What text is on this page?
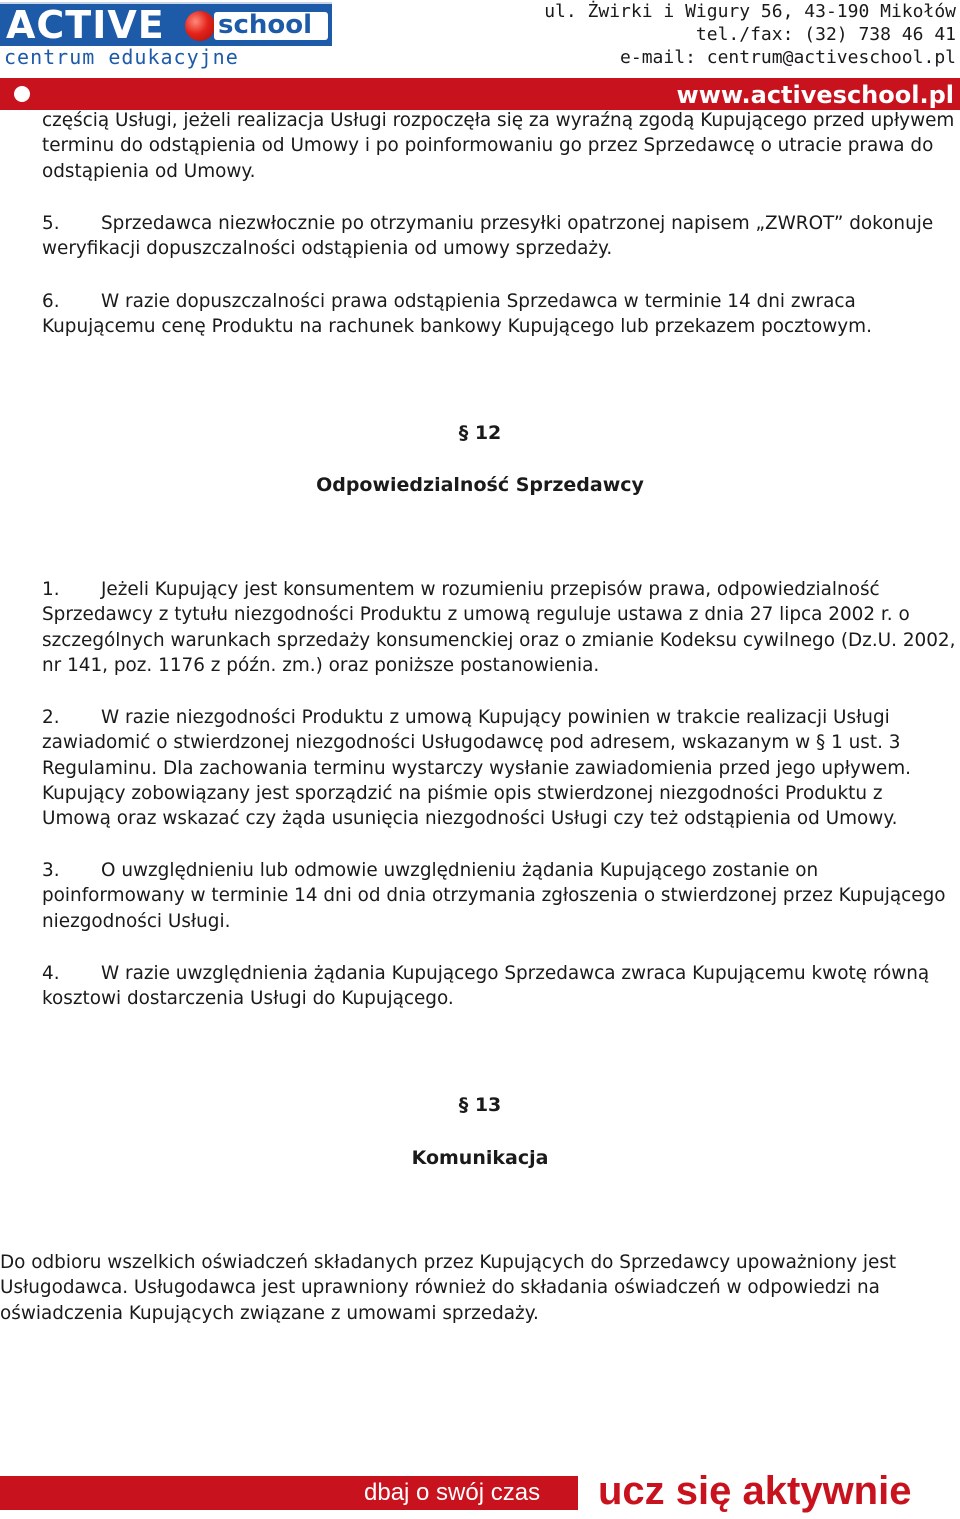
ACTIVE school
centrum edukacyjne
ul. Żwirki i Wigury 56, 43-190 Mikołów
tel./fax: (32) 738 46 41
e-mail: centrum@activeschool.pl
www.activeschool.pl

częścią Usługi, jeżeli realizacja Usługi rozpoczęła się za wyraźną zgodą Kupującego przed upływem terminu do odstąpienia od Umowy i po poinformowaniu go przez Sprzedawcę o utracie prawa do odstąpienia od Umowy.

5. Sprzedawca niezwłocznie po otrzymaniu przesyłki opatrzonej napisem „ZWROT” dokonuje weryfikacji dopuszczalności odstąpienia od umowy sprzedaży.

6. W razie dopuszczalności prawa odstąpienia Sprzedawca w terminie 14 dni zwraca Kupującemu cenę Produktu na rachunek bankowy Kupującego lub przekazem pocztowym.

§ 12
Odpowiedzialność Sprzedawcy

1. Jeżeli Kupujący jest konsumentem w rozumieniu przepisów prawa, odpowiedzialność Sprzedawcy z tytułu niezgodności Produktu z umową reguluje ustawa z dnia 27 lipca 2002 r. o szczególnych warunkach sprzedaży konsumenckiej oraz o zmianie Kodeksu cywilnego (Dz.U. 2002, nr 141, poz. 1176 z późn. zm.) oraz poniższe postanowienia.

2. W razie niezgodności Produktu z umową Kupujący powinien w trakcie realizacji Usługi zawiadomić o stwierdzonej niezgodności Usługodawcę pod adresem, wskazanym w § 1 ust. 3 Regulaminu. Dla zachowania terminu wystarczy wysłanie zawiadomienia przed jego upływem. Kupujący zobowiązany jest sporządzić na piśmie opis stwierdzonej niezgodności Produktu z Umową oraz wskazać czy żąda usunięcia niezgodności Usługi czy też odstąpienia od Umowy.

3. O uwzględnieniu lub odmowie uwzględnieniu żądania Kupującego zostanie on poinformowany w terminie 14 dni od dnia otrzymania zgłoszenia o stwierdzonej przez Kupującego niezgodności Usługi.

4. W razie uwzględnienia żądania Kupującego Sprzedawca zwraca Kupującemu kwotę równą kosztowi dostarczenia Usługi do Kupującego.

§ 13
Komunikacja

Do odbioru wszelkich oświadczeń składanych przez Kupujących do Sprzedawcy upoważniony jest Usługodawca. Usługodawca jest uprawniony również do składania oświadczeń w odpowiedzi na oświadczenia Kupujących związane z umowami sprzedaży.

dbaj o swój czas ucz się aktywnie
